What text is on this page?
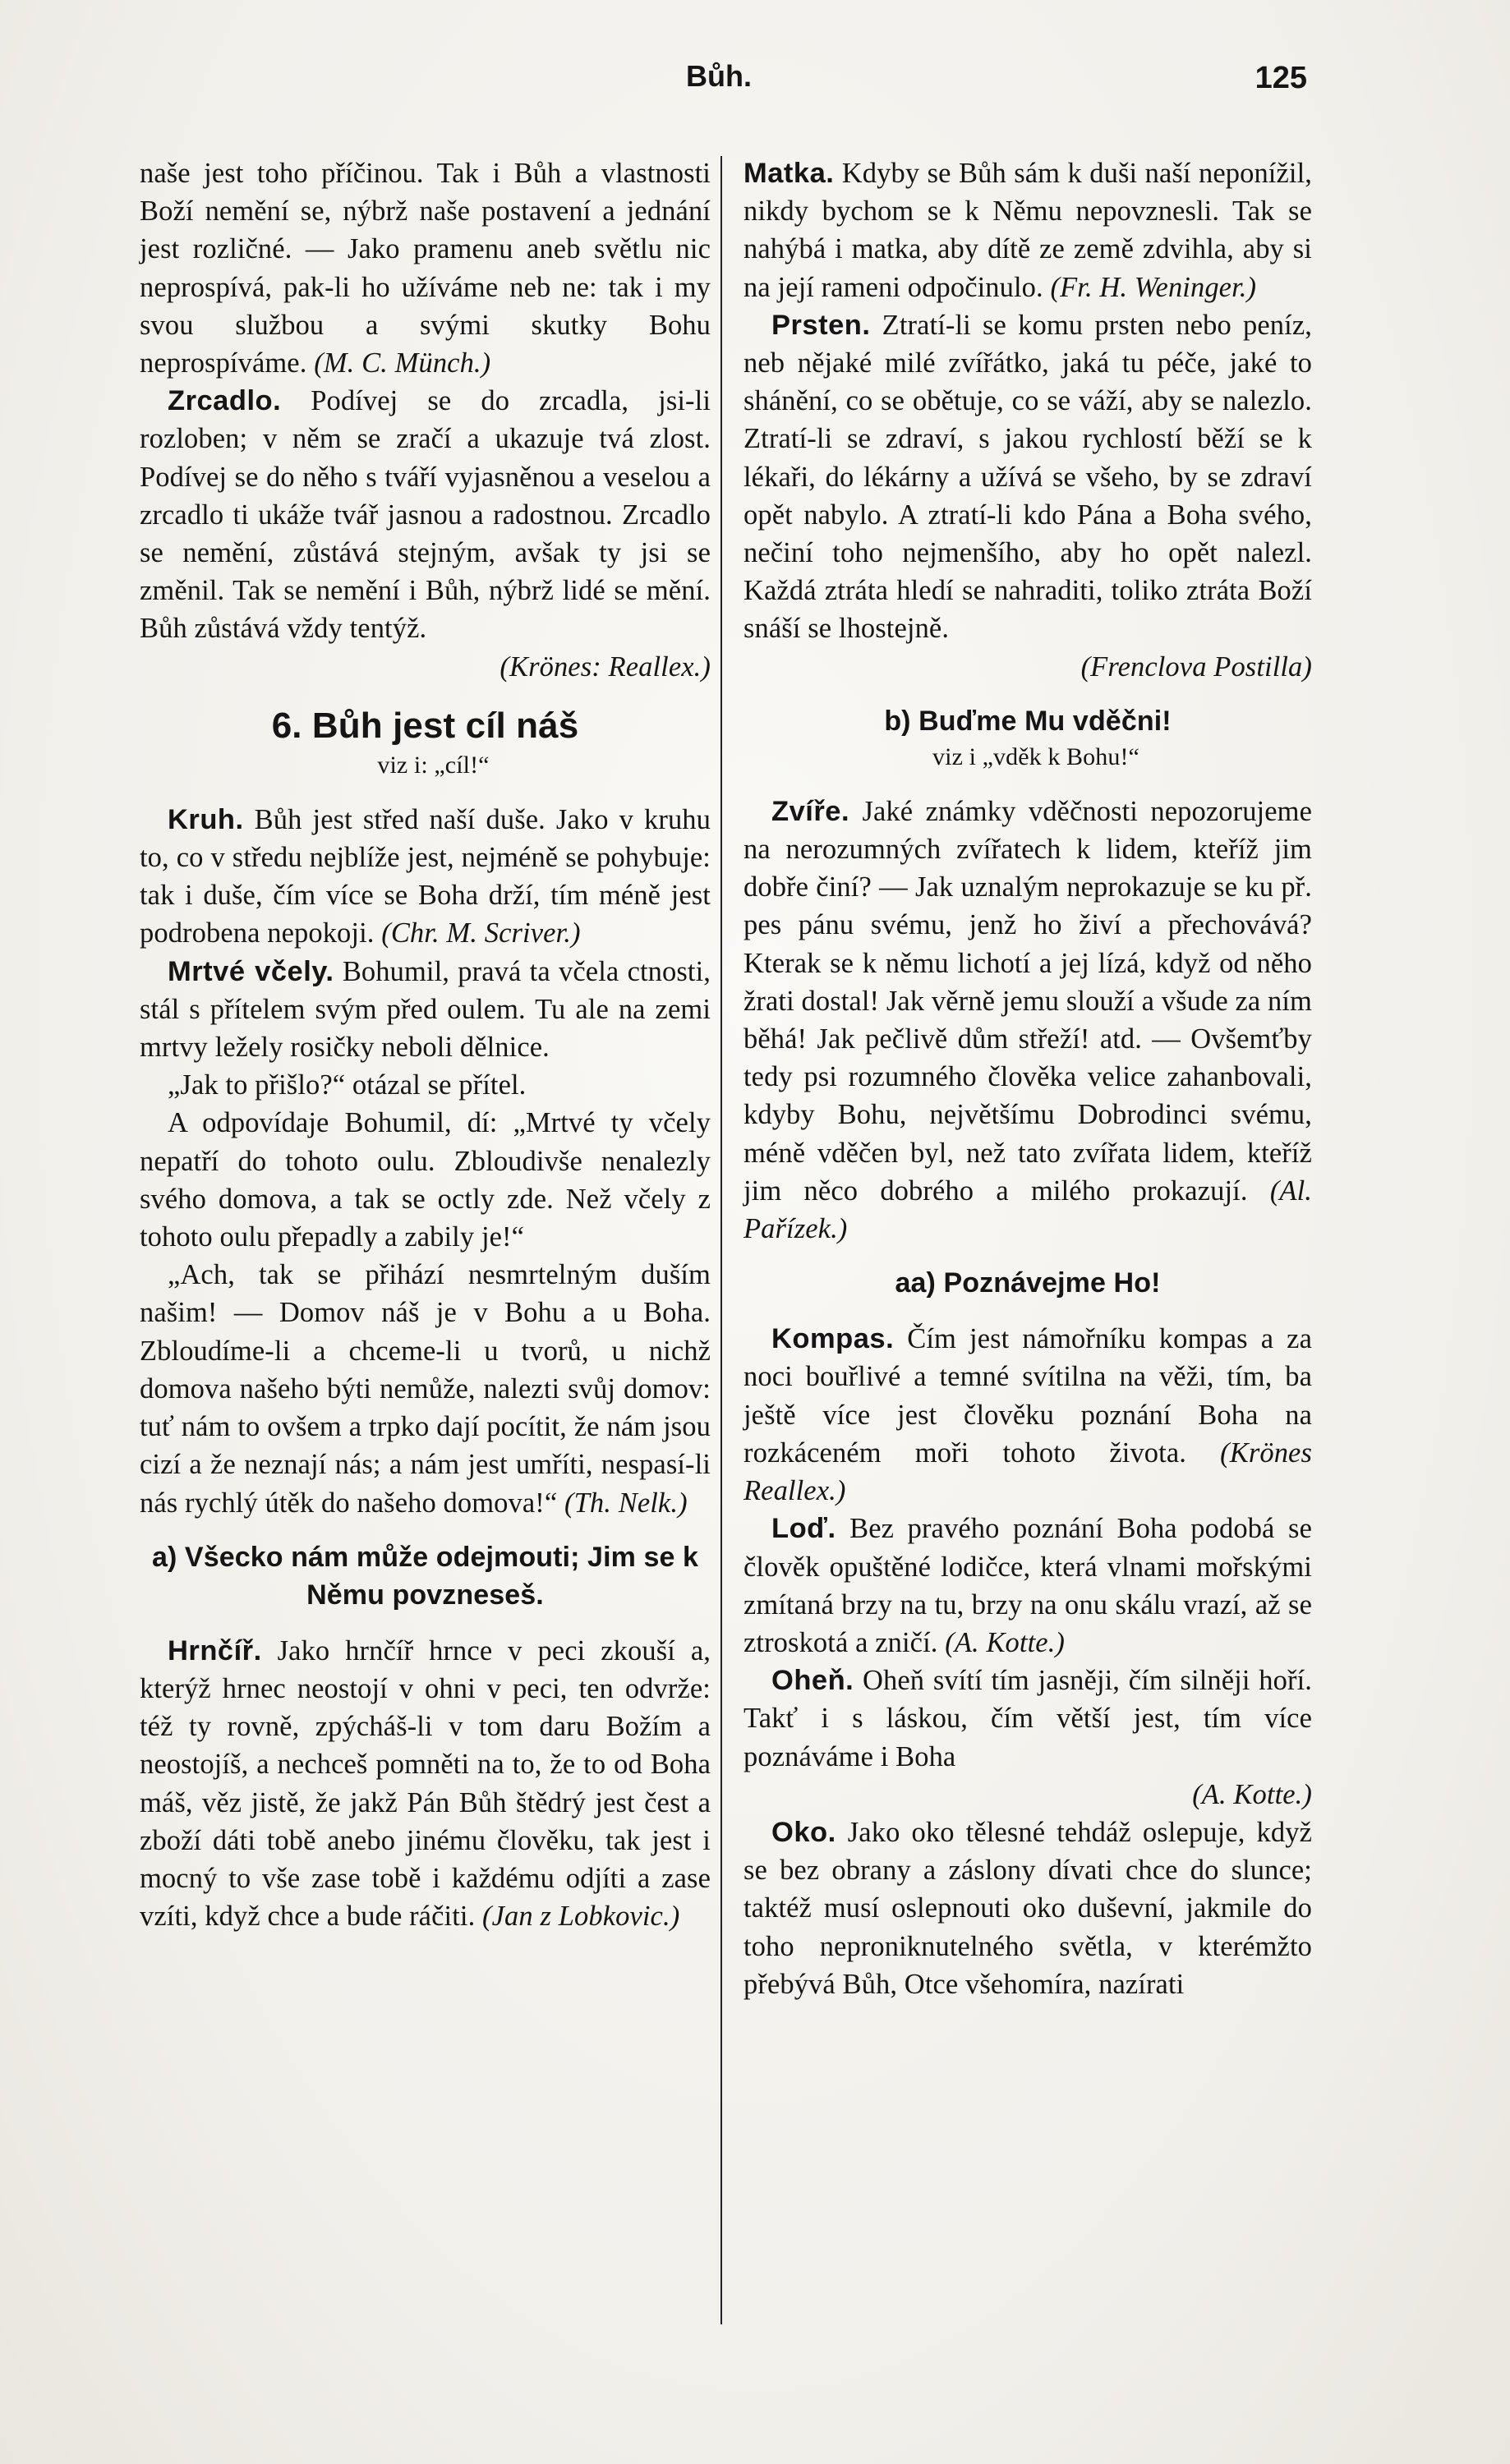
Bůh.	125

naše jest toho příčinou. Tak i Bůh a vlastnosti Boží nemění se, nýbrž naše postavení a jednání jest rozličné. — Jako pramenu aneb světlu nic neprospívá, pak-li ho užíváme neb ne: tak i my svou službou a svými skutky Bohu neprospíváme. (M. C. Münch.)

Zrcadlo. Podívej se do zrcadla, jsi-li rozloben; v něm se zračí a ukazuje tvá zlost. Podívej se do něho s tváří vyjasněnou a veselou a zrcadlo ti ukáže tvář jasnou a radostnou. Zrcadlo se nemění, zůstává stejným, avšak ty jsi se změnil. Tak se nemění i Bůh, nýbrž lidé se mění. Bůh zůstává vždy tentýž.

(Krönes: Reallex.)

6. Bůh jest cíl náš
viz i: „cíl!“

Kruh. Bůh jest střed naší duše. Jako v kruhu to, co v středu nejblíže jest, nejméně se pohybuje: tak i duše, čím více se Boha drží, tím méně jest podrobena nepokoji. (Chr. M. Scriver.)

Mrtvé včely. Bohumil, pravá ta včela ctnosti, stál s přítelem svým před oulem. Tu ale na zemi mrtvy ležely rosičky neboli dělnice.

„Jak to přišlo?“ otázal se přítel.

A odpovídaje Bohumil, dí: „Mrtvé ty včely nepatří do tohoto oulu. Zbloudivše nenalezly svého domova, a tak se octly zde. Než včely z tohoto oulu přepadly a zabily je!“

„Ach, tak se přihází nesmrtelným duším našim! — Domov náš je v Bohu a u Boha. Zbloudíme-li a chceme-li u tvorů, u nichž domova našeho býti nemůže, nalezti svůj domov: tuť nám to ovšem a trpko dají pocítit, že nám jsou cizí a že neznají nás; a nám jest umříti, nespasí-li nás rychlý útěk do našeho domova!“ (Th. Nelk.)

a) Všecko nám může odejmouti; Jim se k Němu povzneseš.

Hrnčíř. Jako hrnčíř hrnce v peci zkouší a, kterýž hrnec neostojí v ohni v peci, ten odvrže: též ty rovně, zpýcháš-li v tom daru Božím a neostojíš, a nechceš pomněti na to, že to od Boha máš, věz jistě, že jakž Pán Bůh štědrý jest čest a zboží dáti tobě anebo jinému člověku, tak jest i mocný to vše zase tobě i každému odjíti a zase vzíti, když chce a bude ráčiti. (Jan z Lobkovic.)

Matka. Kdyby se Bůh sám k duši naší neponížil, nikdy bychom se k Němu nepovznesli. Tak se nahýbá i matka, aby dítě ze země zdvihla, aby si na její rameni odpočinulo. (Fr. H. Weninger.)

Prsten. Ztratí-li se komu prsten nebo peníz, neb nějaké milé zvířátko, jaká tu péče, jaké to shánění, co se obětuje, co se váží, aby se nalezlo. Ztratí-li se zdraví, s jakou rychlostí běží se k lékaři, do lékárny a užívá se všeho, by se zdraví opět nabylo. A ztratí-li kdo Pána a Boha svého, nečiní toho nejmenšího, aby ho opět nalezl. Každá ztráta hledí se nahraditi, toliko ztráta Boží snáší se lhostejně.

(Frenclova Postilla)

b) Buďme Mu vděčni!
viz i „vděk k Bohu!“

Zvíře. Jaké známky vděčnosti nepozorujeme na nerozumných zvířatech k lidem, kteříž jim dobře činí? — Jak uznalým neprokazuje se ku př. pes pánu svému, jenž ho živí a přechovává? Kterak se k němu lichotí a jej lízá, když od něho žrati dostal! Jak věrně jemu slouží a všude za ním běhá! Jak pečlivě dům střeží! atd. — Ovšemťby tedy psi rozumného člověka velice zahanbovali, kdyby Bohu, největšímu Dobrodinci svému, méně vděčen byl, než tato zvířata lidem, kteříž jim něco dobrého a milého prokazují. (Al. Pařízek.)

aa) Poznávejme Ho!

Kompas. Čím jest námořníku kompas a za noci bouřlivé a temné svítilna na věži, tím, ba ještě více jest člověku poznání Boha na rozkáceném moři tohoto života. (Krönes Reallex.)

Loď. Bez pravého poznání Boha podobá se člověk opuštěné lodičce, která vlnami mořskými zmítaná brzy na tu, brzy na onu skálu vrazí, až se ztroskotá a zničí. (A. Kotte.)

Oheň. Oheň svítí tím jasněji, čím silněji hoří. Takť i s láskou, čím větší jest, tím více poznáváme i Boha

(A. Kotte.)

Oko. Jako oko tělesné tehdáž oslepuje, když se bez obrany a záslony dívati chce do slunce; taktéž musí oslepnouti oko duševní, jakmile do toho neproniknutelného světla, v kterémžto přebývá Bůh, Otce všehomíra, nazírati
